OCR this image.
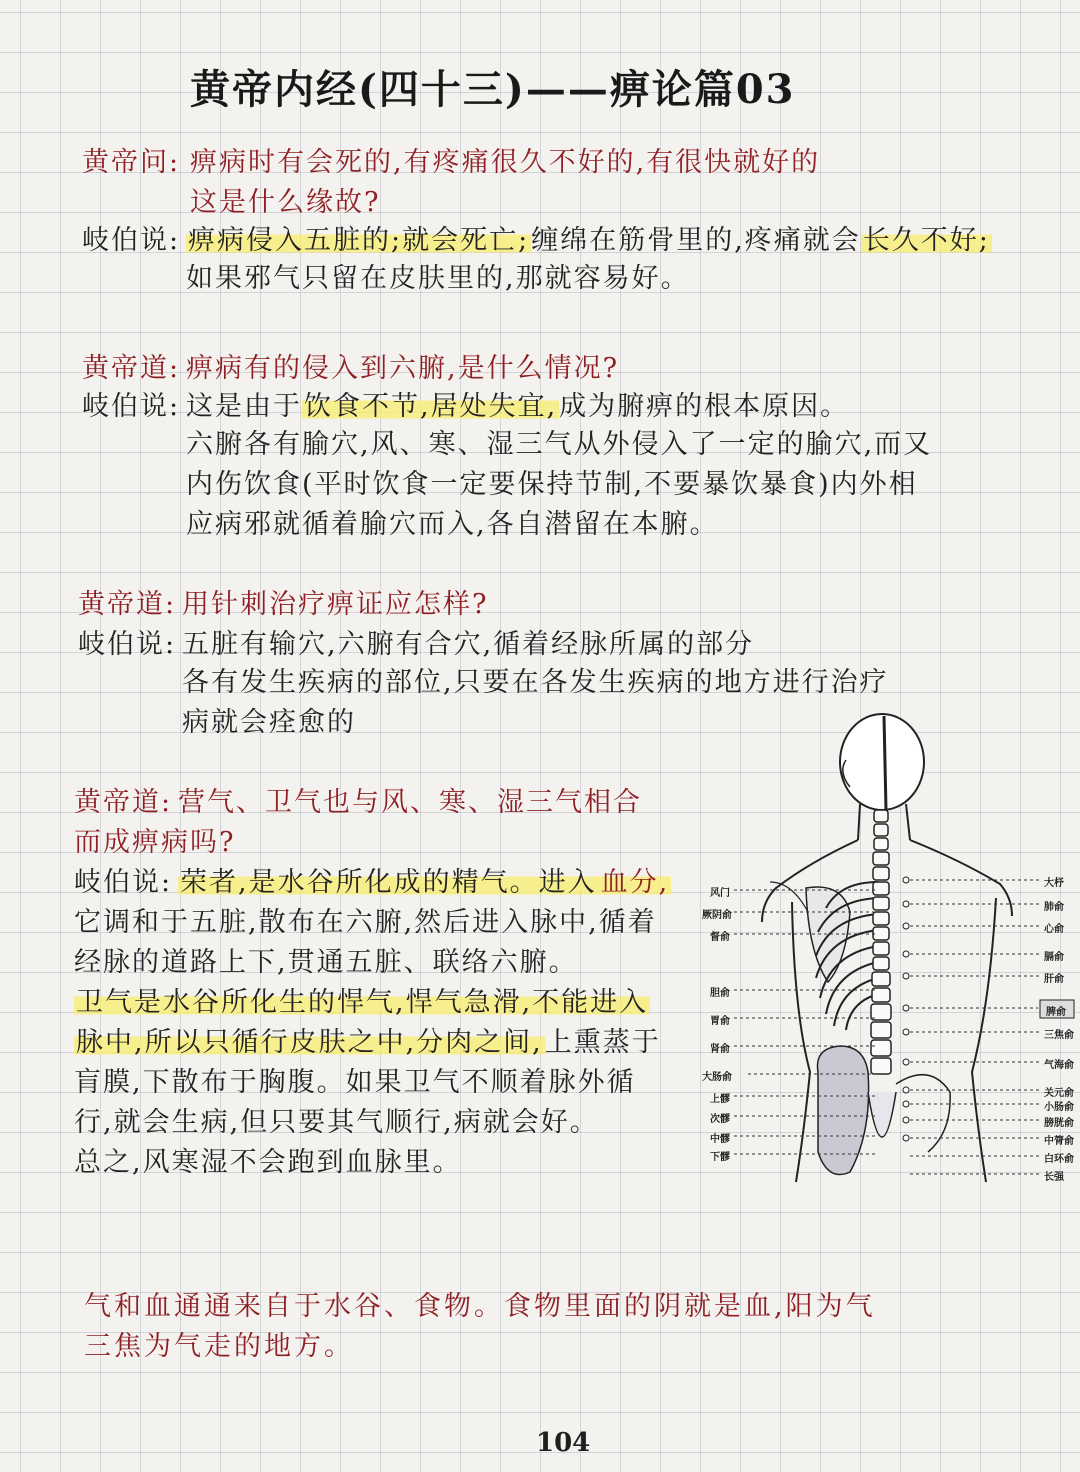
黄帝内经(四十三)——痹论篇03
黄帝问: 痹病时有会死的,有疼痛很久不好的,有很快就好的
这是什么缘故?
岐伯说: 痹病侵入五脏的;就会死亡;缠绵在筋骨里的,疼痛就会长久不好;
如果邪气只留在皮肤里的,那就容易好。
黄帝道: 痹病有的侵入到六腑,是什么情况?
岐伯说: 这是由于饮食不节,居处失宜,成为腑痹的根本原因。
六腑各有腧穴,风、寒、湿三气从外侵入了一定的腧穴,而又
内伤饮食(平时饮食一定要保持节制,不要暴饮暴食)内外相
应病邪就循着腧穴而入,各自潜留在本腑。
黄帝道: 用针刺治疗痹证应怎样?
岐伯说: 五脏有输穴,六腑有合穴,循着经脉所属的部分
各有发生疾病的部位,只要在各发生疾病的地方进行治疗
病就会痊愈的
黄帝道: 营气、卫气也与风、寒、湿三气相合
而成痹病吗?
岐伯说: 荣者,是水谷所化成的精气。进入 血分,
它调和于五脏,散布在六腑,然后进入脉中,循着
经脉的道路上下,贯通五脏、联络六腑。
卫气是水谷所化生的悍气,悍气急滑,不能进入
脉中,所以只循行皮肤之中,分肉之间,上熏蒸于
肓膜,下散布于胸腹。如果卫气不顺着脉外循
行,就会生病,但只要其气顺行,病就会好。
总之,风寒湿不会跑到血脉里。
风门
厥阴俞
督俞
胆俞
胃俞
肾俞
大肠俞
上髎
次髎
中髎
下髎
大杼
肺俞
心俞
膈俞
肝俞
脾俞
三焦俞
气海俞
关元俞
小肠俞
膀胱俞
中膂俞
白环俞
长强
气和血通通来自于水谷、食物。食物里面的阴就是血,阳为气
三焦为气走的地方。
104
